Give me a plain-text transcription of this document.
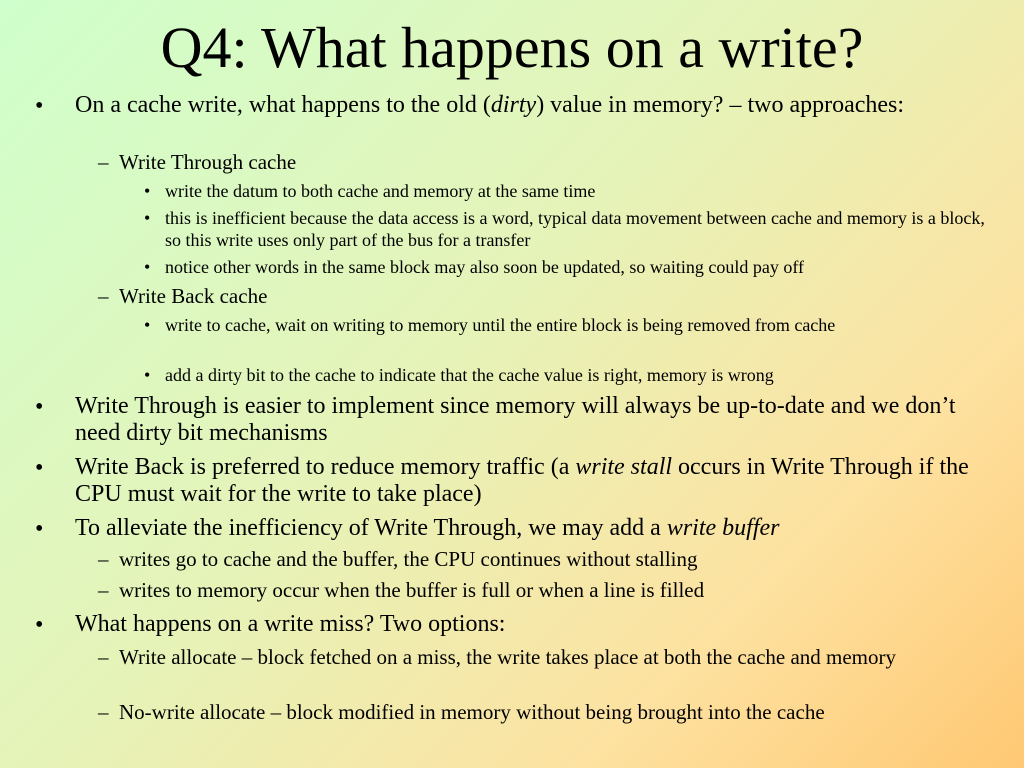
Q4: What happens on a write?
• On a cache write, what happens to the old (dirty) value in memory? – two approaches:
– Write Through cache
• write the datum to both cache and memory at the same time
• this is inefficient because the data access is a word, typical data movement between cache and memory is a block, so this write uses only part of the bus for a transfer
• notice other words in the same block may also soon be updated, so waiting could pay off
– Write Back cache
• write to cache, wait on writing to memory until the entire block is being removed from cache
• add a dirty bit to the cache to indicate that the cache value is right, memory is wrong
• Write Through is easier to implement since memory will always be up-to-date and we don’t need dirty bit mechanisms
• Write Back is preferred to reduce memory traffic (a write stall occurs in Write Through if the CPU must wait for the write to take place)
• To alleviate the inefficiency of Write Through, we may add a write buffer
– writes go to cache and the buffer, the CPU continues without stalling
– writes to memory occur when the buffer is full or when a line is filled
• What happens on a write miss? Two options:
– Write allocate – block fetched on a miss, the write takes place at both the cache and memory
– No-write allocate – block modified in memory without being brought into the cache
